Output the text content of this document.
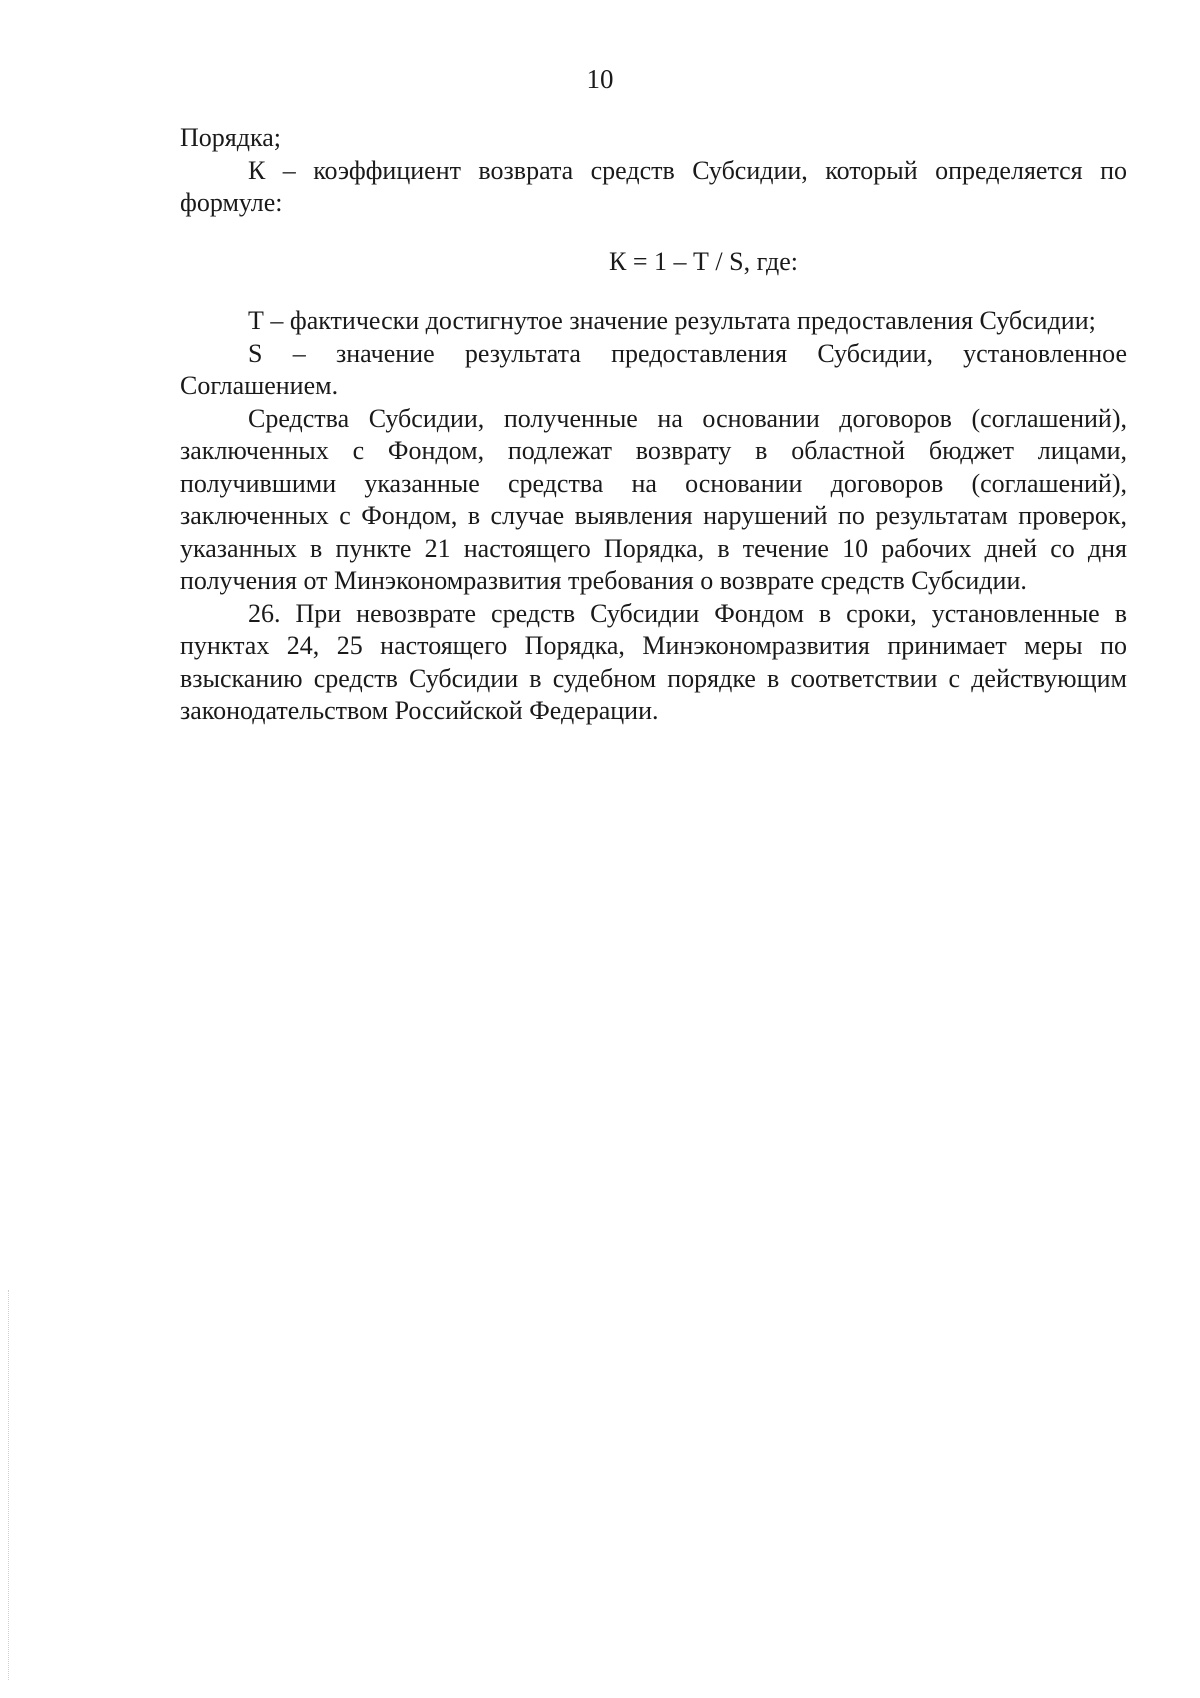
10

Порядка;

К – коэффициент возврата средств Субсидии, который определяется по формуле:

К = 1 – Т / S, где:

Т – фактически достигнутое значение результата предоставления Субсидии;

S – значение результата предоставления Субсидии, установленное Соглашением.

Средства Субсидии, полученные на основании договоров (соглашений), заключенных с Фондом, подлежат возврату в областной бюджет лицами, получившими указанные средства на основании договоров (соглашений), заключенных с Фондом, в случае выявления нарушений по результатам проверок, указанных в пункте 21 настоящего Порядка, в течение 10 рабочих дней со дня получения от Минэкономразвития требования о возврате средств Субсидии.

26. При невозврате средств Субсидии Фондом в сроки, установленные в пунктах 24, 25 настоящего Порядка, Минэкономразвития принимает меры по взысканию средств Субсидии в судебном порядке в соответствии с действующим законодательством Российской Федерации.
